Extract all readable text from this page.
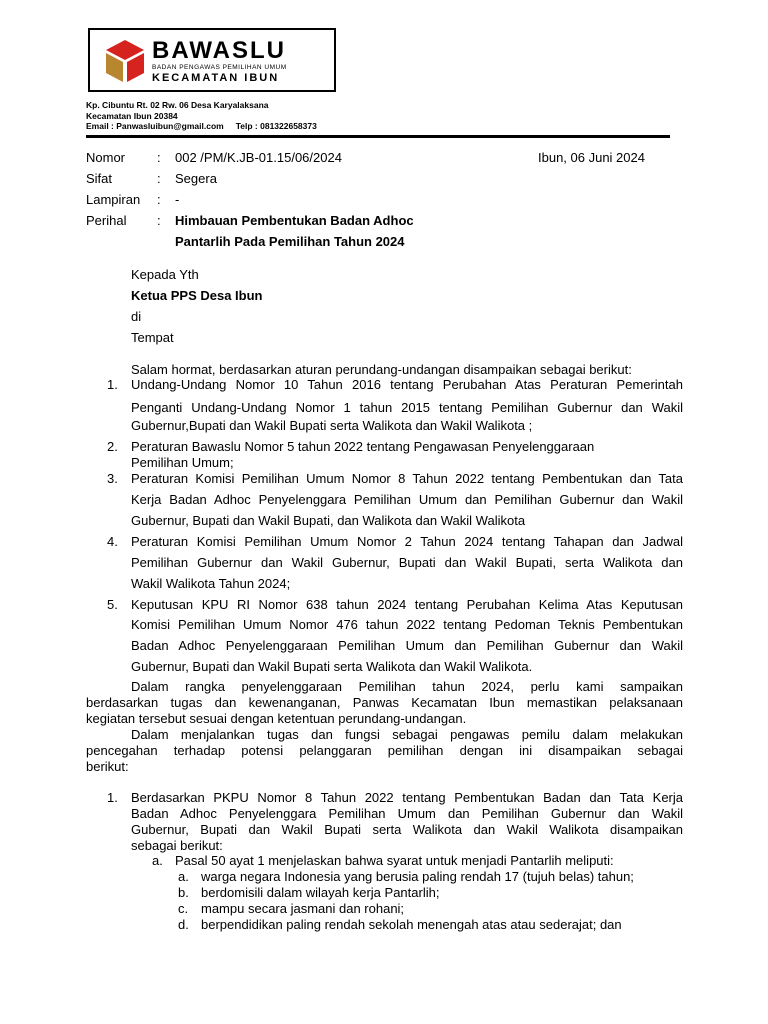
BAWASLU
BADAN PENGAWAS PEMILIHAN UMUM
KECAMATAN IBUN
Kp. Cibuntu Rt. 02 Rw. 06 Desa Karyalaksana
Kecamatan Ibun 20384
Email : Panwasluibun@gmail.com Telp : 081322658373
Nomor : 002 /PM/K.JB-01.15/06/2024	Ibun, 06 Juni 2024
Sifat	: Segera
Lampiran : -
Perihal : Himbauan Pembentukan Badan Adhoc
Pantarlih Pada Pemilihan Tahun 2024
Kepada Yth
Ketua PPS Desa Ibun
di
Tempat
Salam hormat, berdasarkan aturan perundang-undangan disampaikan sebagai berikut:
1. Undang-Undang Nomor 10 Tahun 2016 tentang Perubahan Atas Peraturan Pemerintah
Penganti Undang-Undang Nomor 1 tahun 2015 tentang Pemilihan Gubernur dan Wakil
Gubernur,Bupati dan Wakil Bupati serta Walikota dan Wakil Walikota ;
2. Peraturan Bawaslu Nomor 5 tahun 2022 tentang Pengawasan Penyelenggaraan
Pemilihan Umum;
3. Peraturan Komisi Pemilihan Umum Nomor 8 Tahun 2022 tentang Pembentukan dan Tata
Kerja Badan Adhoc Penyelenggara Pemilihan Umum dan Pemilihan Gubernur dan Wakil
Gubernur, Bupati dan Wakil Bupati, dan Walikota dan Wakil Walikota
4. Peraturan Komisi Pemilihan Umum Nomor 2 Tahun 2024 tentang Tahapan dan Jadwal
Pemilihan Gubernur dan Wakil Gubernur, Bupati dan Wakil Bupati, serta Walikota dan
Wakil Walikota Tahun 2024;
5. Keputusan KPU RI Nomor 638 tahun 2024 tentang Perubahan Kelima Atas Keputusan
Komisi Pemilihan Umum Nomor 476 tahun 2022 tentang Pedoman Teknis Pembentukan
Badan Adhoc Penyelenggaraan Pemilihan Umum dan Pemilihan Gubernur dan Wakil
Gubernur, Bupati dan Wakil Bupati serta Walikota dan Wakil Walikota.
Dalam rangka penyelenggaraan Pemilihan tahun 2024, perlu kami sampaikan
berdasarkan tugas dan kewenanganan, Panwas Kecamatan Ibun memastikan pelaksanaan
kegiatan tersebut sesuai dengan ketentuan perundang-undangan.
Dalam menjalankan tugas dan fungsi sebagai pengawas pemilu dalam melakukan
pencegahan terhadap potensi pelanggaran pemilihan dengan ini disampaikan sebagai
berikut:
1. Berdasarkan PKPU Nomor 8 Tahun 2022 tentang Pembentukan Badan dan Tata Kerja
Badan Adhoc Penyelenggara Pemilihan Umum dan Pemilihan Gubernur dan Wakil
Gubernur, Bupati dan Wakil Bupati serta Walikota dan Wakil Walikota disampaikan
sebagai berikut:
a. Pasal 50 ayat 1 menjelaskan bahwa syarat untuk menjadi Pantarlih meliputi:
a. warga negara Indonesia yang berusia paling rendah 17 (tujuh belas) tahun;
b. berdomisili dalam wilayah kerja Pantarlih;
c. mampu secara jasmani dan rohani;
d. berpendidikan paling rendah sekolah menengah atas atau sederajat; dan
